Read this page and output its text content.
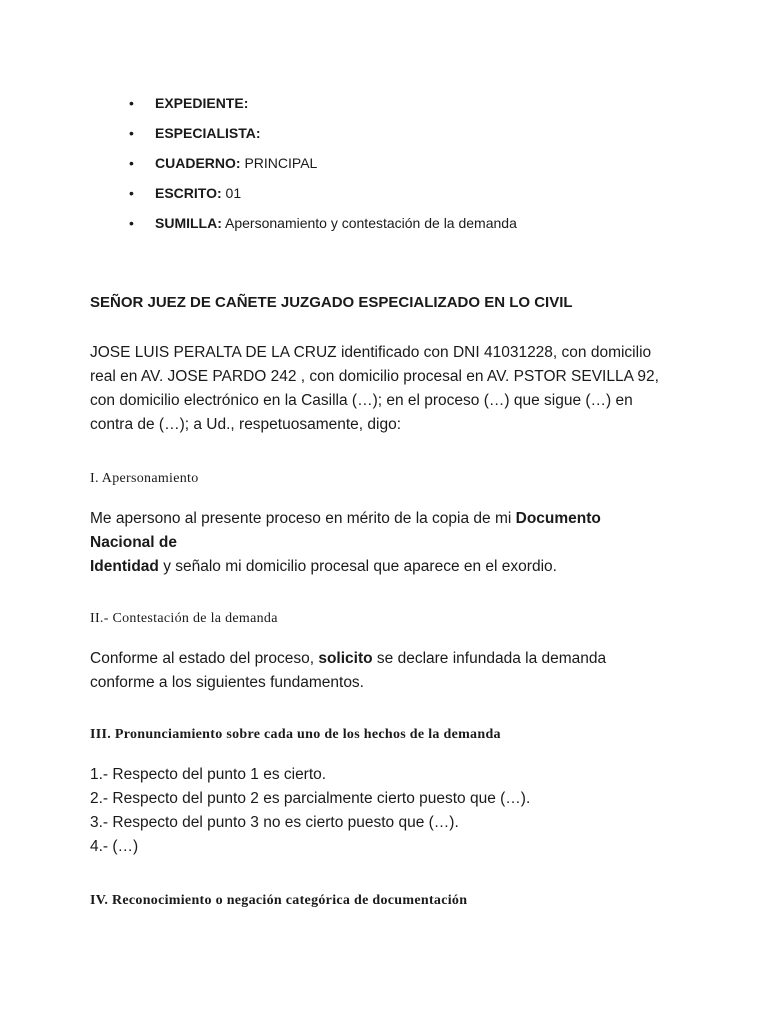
• EXPEDIENTE:
• ESPECIALISTA:
• CUADERNO: PRINCIPAL
• ESCRITO: 01
• SUMILLA: Apersonamiento y contestación de la demanda
SEÑOR JUEZ DE CAÑETE JUZGADO ESPECIALIZADO EN LO CIVIL
JOSE LUIS PERALTA DE LA CRUZ identificado con DNI 41031228, con domicilio
real en AV. JOSE PARDO 242 , con domicilio procesal en AV. PSTOR SEVILLA 92,
con domicilio electrónico en la Casilla (…); en el proceso (…) que sigue (…) en
contra de (…); a Ud., respetuosamente, digo:
I. Apersonamiento
Me apersono al presente proceso en mérito de la copia de mi Documento
Nacional de
Identidad y señalo mi domicilio procesal que aparece en el exordio.
II.- Contestación de la demanda
Conforme al estado del proceso, solicito se declare infundada la demanda
conforme a los siguientes fundamentos.
III. Pronunciamiento sobre cada uno de los hechos de la demanda
1.- Respecto del punto 1 es cierto.
2.- Respecto del punto 2 es parcialmente cierto puesto que (…).
3.- Respecto del punto 3 no es cierto puesto que (…).
4.- (…)
IV. Reconocimiento o negación categórica de documentación
